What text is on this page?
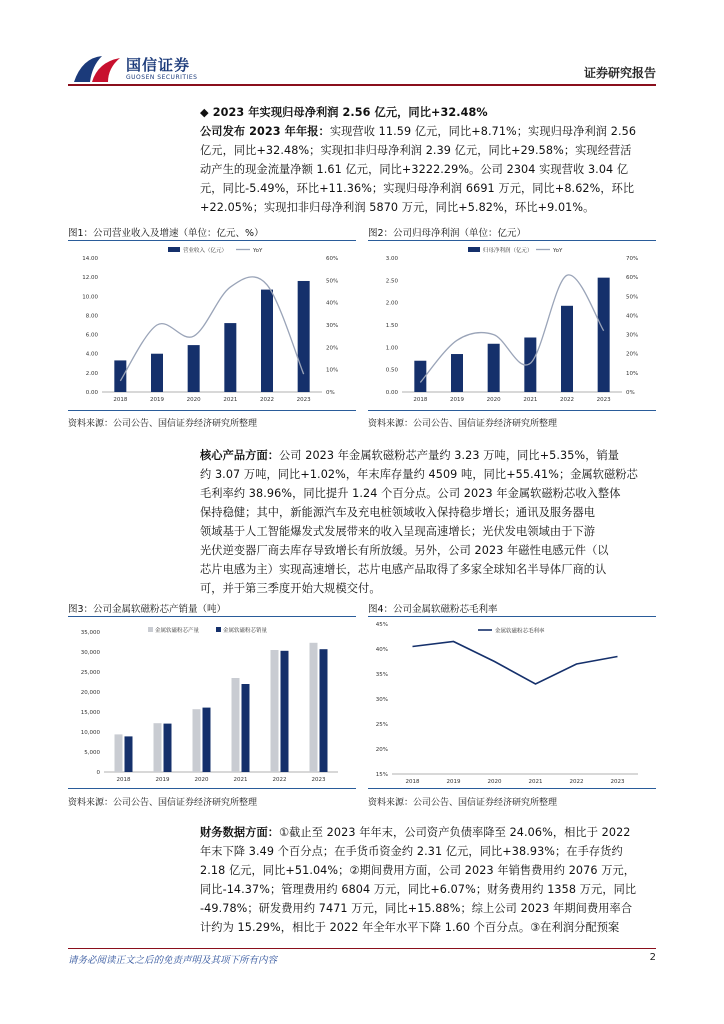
国信证券
GUOSEN SECURITIES	证券研究报告
◆ 2023 年实现归母净利润 2.56 亿元，同比+32.48%
公司发布 2023 年年报：实现营收 11.59 亿元，同比+8.71%；实现归母净利润 2.56
亿元，同比+32.48%；实现扣非归母净利润 2.39 亿元，同比+29.58%；实现经营活
动产生的现金流量净额 1.61 亿元，同比+3222.29%。公司 2304 实现营收 3.04 亿
元，同比-5.49%，环比+11.36%；实现归母净利润 6691 万元，同比+8.62%，环比
+22.05%；实现扣非归母净利润 5870 万元，同比+5.82%，环比+9.01%。
图1：公司营业收入及增速（单位：亿元、%）
0.00
2.00
4.00
6.00
8.00
10.00
12.00
14.00
0%
10%
20%
30%
40%
50%
60%
2018	2019	2020	2021	2022	2023
营业收入（亿元）	YoY
资料来源：公司公告、国信证券经济研究所整理
图2：公司归母净利润（单位：亿元）
0.00
0.50
1.00
1.50
2.00
2.50
3.00
0%
10%
20%
30%
40%
50%
60%
70%
2018	2019	2020	2021	2022	2023
归母净利润（亿元）	YoY
资料来源：公司公告、国信证券经济研究所整理
核心产品方面：公司 2023 年金属软磁粉芯产量约 3.23 万吨，同比+5.35%，销量
约 3.07 万吨，同比+1.02%，年末库存量约 4509 吨，同比+55.41%；金属软磁粉芯
毛利率约 38.96%，同比提升 1.24 个百分点。公司 2023 年金属软磁粉芯收入整体
保持稳健；其中，新能源汽车及充电桩领域收入保持稳步增长；通讯及服务器电
领域基于人工智能爆发式发展带来的收入呈现高速增长；光伏发电领域由于下游
光伏逆变器厂商去库存导致增长有所放缓。另外，公司 2023 年磁性电感元件（以
芯片电感为主）实现高速增长，芯片电感产品取得了多家全球知名半导体厂商的认
可，并于第三季度开始大规模交付。
图3：公司金属软磁粉芯产销量（吨）
0
5,000
10,000
15,000
20,000
25,000
30,000
35,000
2018	2019	2020	2021	2022	2023
金属软磁粉芯产量	金属软磁粉芯销量
资料来源：公司公告、国信证券经济研究所整理
图4：公司金属软磁粉芯毛利率
15%
20%
25%
30%
35%
40%
45%
2018	2019	2020	2021	2022	2023
金属软磁粉芯毛利率
资料来源：公司公告、国信证券经济研究所整理
财务数据方面：①截止至 2023 年年末，公司资产负债率降至 24.06%，相比于 2022
年末下降 3.49 个百分点；在手货币资金约 2.31 亿元，同比+38.93%；在手存货约
2.18 亿元，同比+51.04%；②期间费用方面，公司 2023 年销售费用约 2076 万元，
同比-14.37%；管理费用约 6804 万元，同比+6.07%；财务费用约 1358 万元，同比
-49.78%；研发费用约 7471 万元，同比+15.88%；综上公司 2023 年期间费用率合
计约为 15.29%，相比于 2022 年全年水平下降 1.60 个百分点。③在利润分配预案
请务必阅读正文之后的免责声明及其项下所有内容	2
